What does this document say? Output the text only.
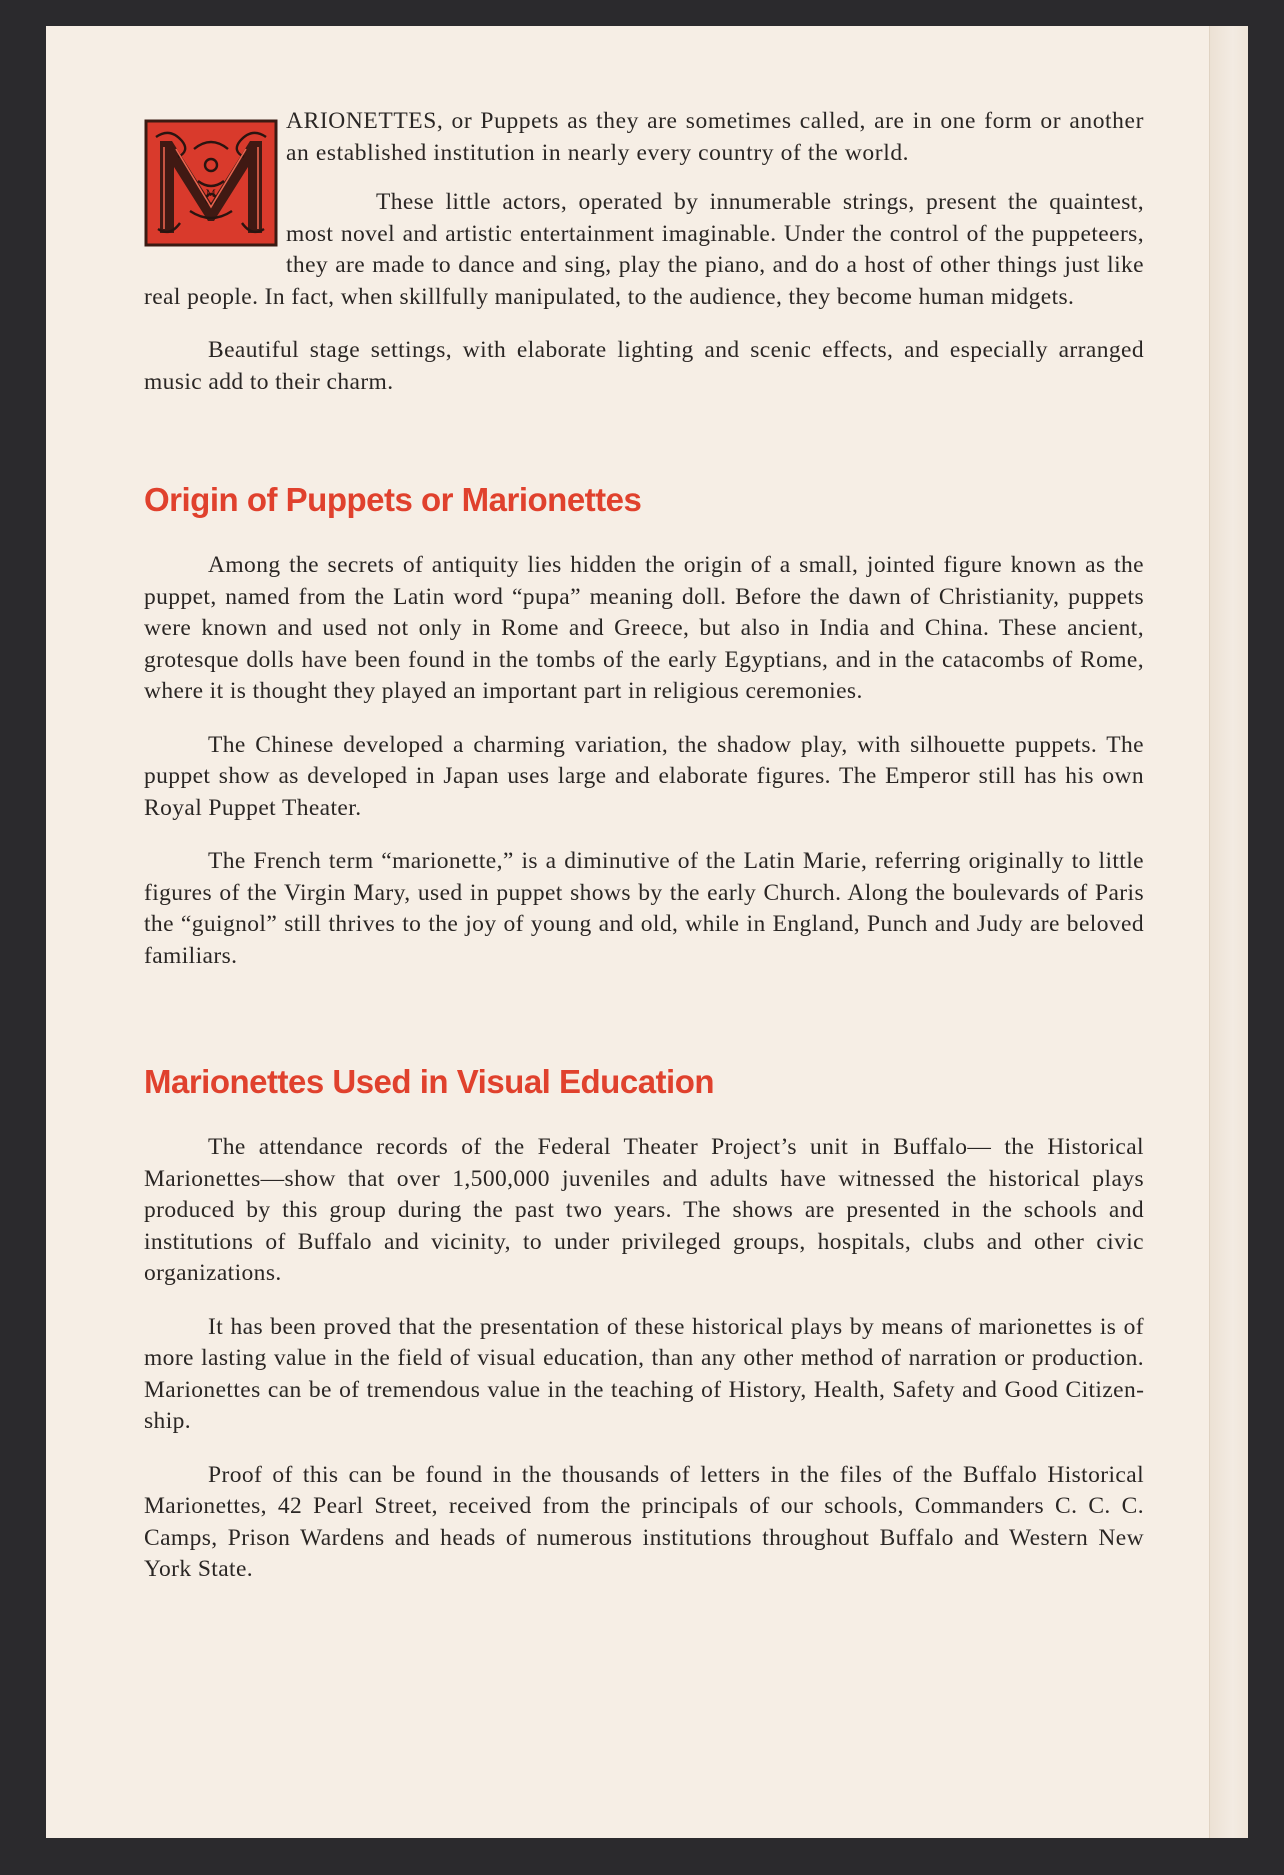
M

ARIONETTES, or Puppets as they are sometimes called, are in one form or another an established institution in nearly every country of the world.

These little actors, operated by innumerable strings, present the quaintest, most novel and artistic entertainment imaginable. Under the control of the puppeteers, they are made to dance and sing, play the piano, and do a host of other things just like real people. In fact, when skillfully manipulated, to the audience, they become human midgets.

Beautiful stage settings, with elaborate lighting and scenic effects, and especially arranged music add to their charm.

Origin of Puppets or Marionettes

Among the secrets of antiquity lies hidden the origin of a small, jointed figure known as the puppet, named from the Latin word “pupa” meaning doll. Before the dawn of Christianity, puppets were known and used not only in Rome and Greece, but also in India and China. These ancient, grotesque dolls have been found in the tombs of the early Egyptians, and in the catacombs of Rome, where it is thought they played an important part in religious ceremonies.

The Chinese developed a charming variation, the shadow play, with silhouette puppets. The puppet show as developed in Japan uses large and elaborate figures. The Emperor still has his own Royal Puppet Theater.

The French term “marionette,” is a diminutive of the Latin Marie, referring originally to little figures of the Virgin Mary, used in puppet shows by the early Church. Along the boulevards of Paris the “guignol” still thrives to the joy of young and old, while in England, Punch and Judy are beloved familiars.

Marionettes Used in Visual Education

The attendance records of the Federal Theater Project’s unit in Buffalo— the Historical Marionettes—show that over 1,500,000 juveniles and adults have witnessed the historical plays produced by this group during the past two years. The shows are presented in the schools and institutions of Buffalo and vicinity, to under privileged groups, hospitals, clubs and other civic organizations.

It has been proved that the presentation of these historical plays by means of marionettes is of more lasting value in the field of visual education, than any other method of narration or production. Marionettes can be of tremendous value in the teaching of History, Health, Safety and Good Citizenship.

Proof of this can be found in the thousands of letters in the files of the Buffalo Historical Marionettes, 42 Pearl Street, received from the principals of our schools, Commanders C. C. C. Camps, Prison Wardens and heads of numerous institutions throughout Buffalo and Western New York State.
